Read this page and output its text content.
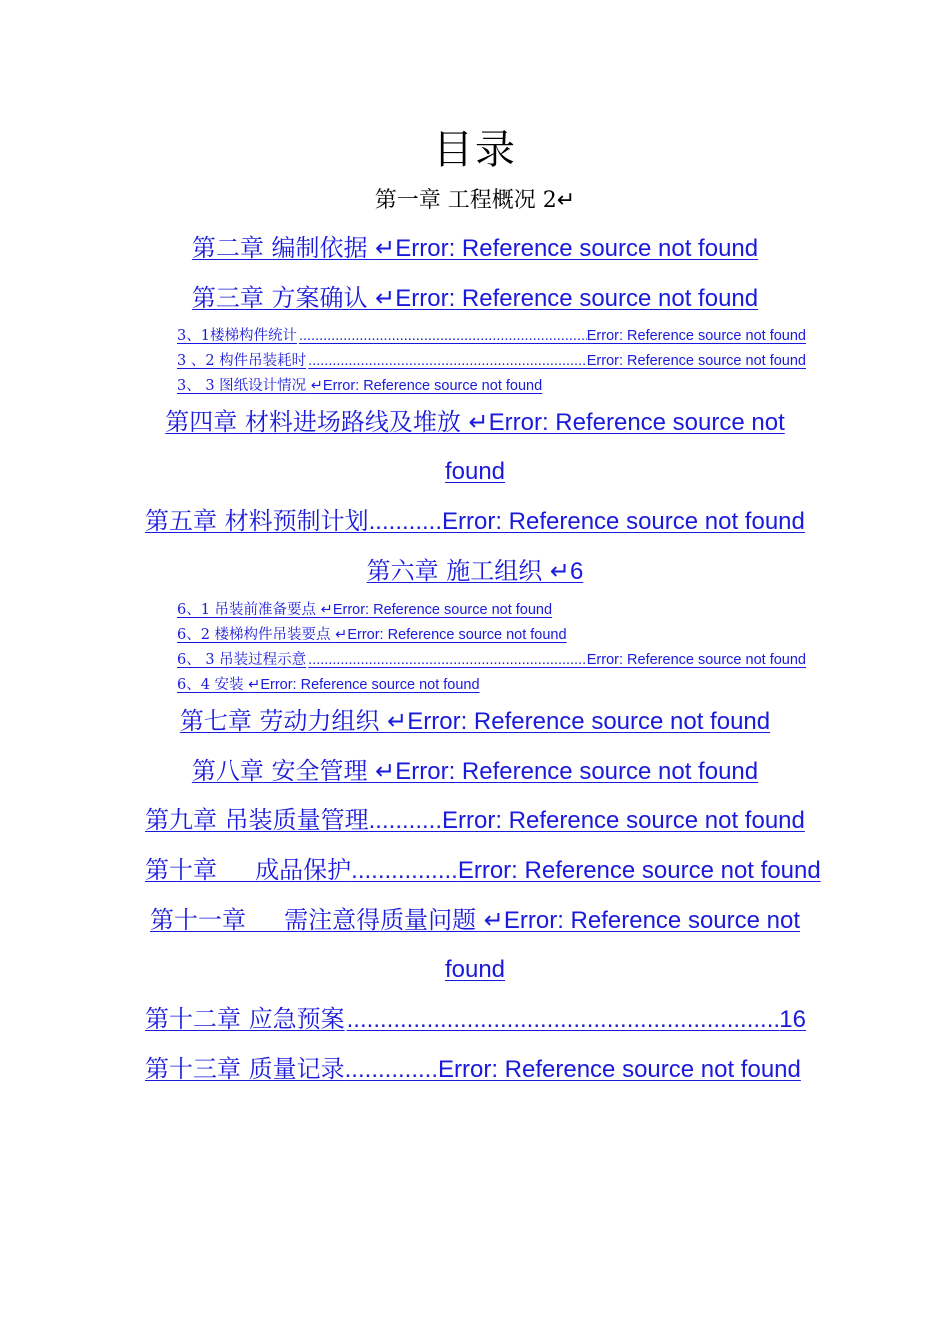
目录
第一章 工程概况 2↵
第二章 编制依据 ↵Error: Reference source not found
第三章 方案确认 ↵Error: Reference source not found
3、1楼梯构件统计 .....	Error: Reference source not found
3 、2 构件吊装耗时 .....	Error: Reference source not found
3、 3 图纸设计情况 ↵Error: Reference source not found
第四章 材料进场路线及堆放 ↵Error: Reference source not
found
第五章 材料预制计划...........Error: Reference source not found
第六章 施工组织 ↵6
6、1 吊装前准备要点 ↵Error: Reference source not found
6、2 楼梯构件吊装要点 ↵Error: Reference source not found
6、 3 吊装过程示意 .....	Error: Reference source not found
6、4 安装 ↵Error: Reference source not found
第七章 劳动力组织 ↵Error: Reference source not found
第八章 安全管理 ↵Error: Reference source not found
第九章 吊装质量管理...........Error: Reference source not found
第十章     成品保护................Error: Reference source not found
第十一章     需注意得质量问题 ↵Error: Reference source not
found
第十二章 应急预案 .....	16
第十三章 质量记录..............Error: Reference source not found
